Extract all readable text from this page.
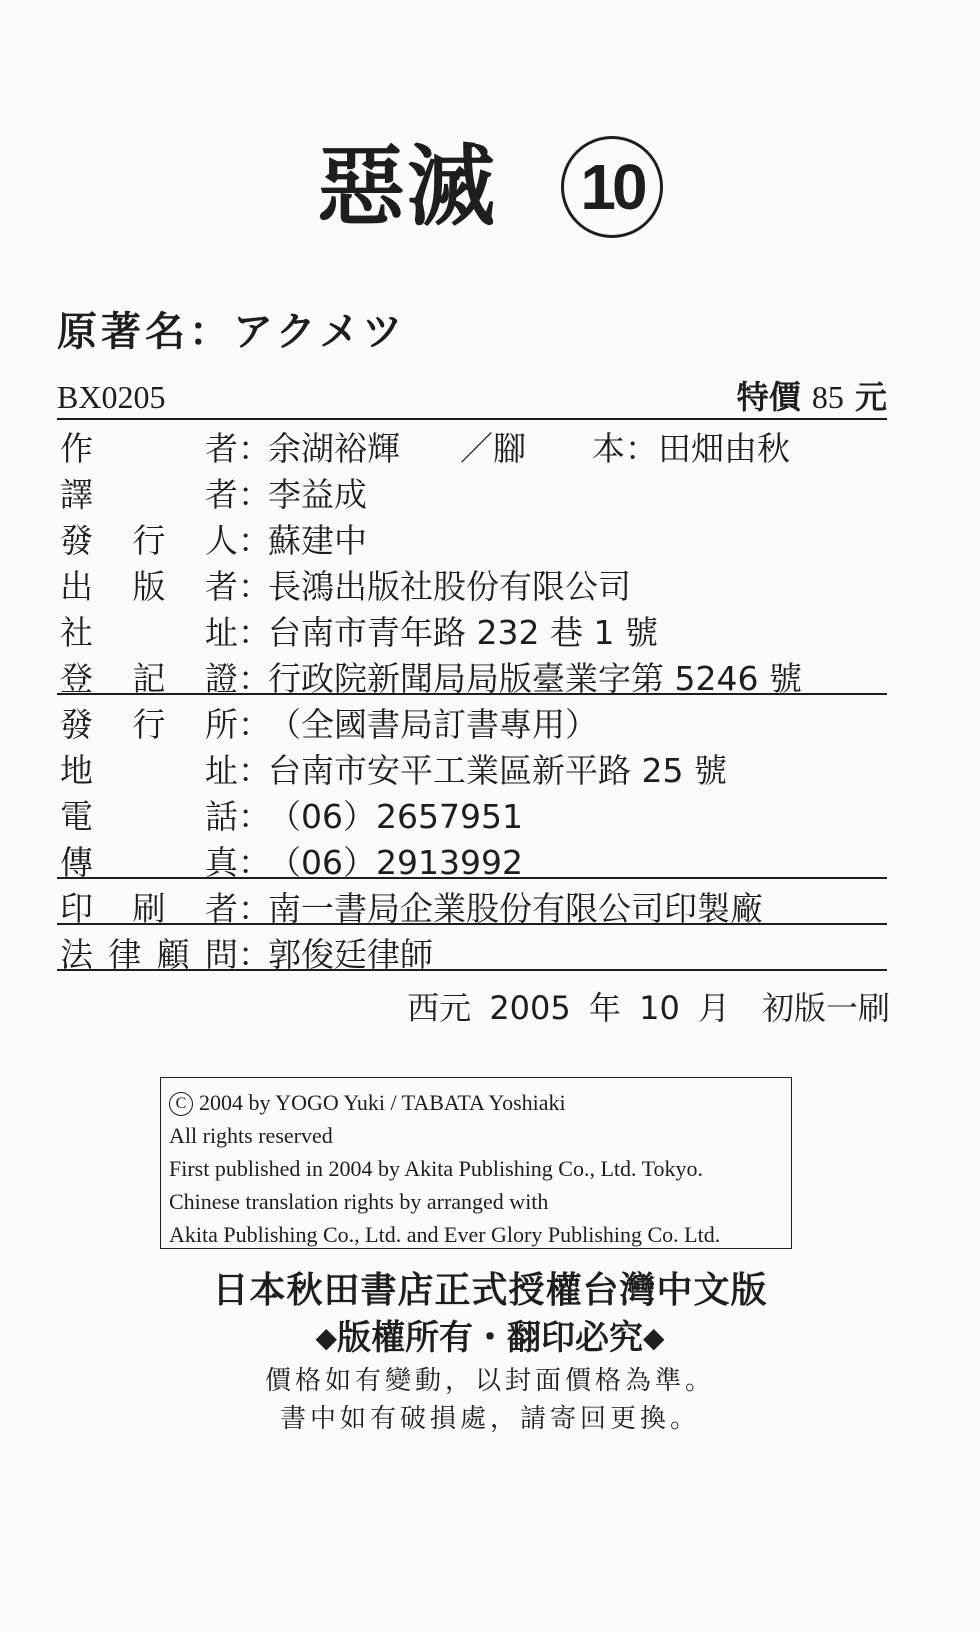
惡滅	10
原著名：アクメツ
BX0205	特價 85 元
作	者 ：
余湖裕輝 ／腳　　本： 田畑由秋
譯	者 ：
李益成
發 行 人 ：
蘇建中
出 版 者 ：
長鴻出版社股份有限公司
社	址 ：
台南市青年路 232 巷 1 號
登 記 證 ：
行政院新聞局局版臺業字第 5246 號
發 行 所 ：
（全國書局訂書專用）
地	址 ：
台南市安平工業區新平路 25 號
電	話 ：
（06）2657951
傳	真 ：
（06）2913992
印 刷 者 ：
南一書局企業股份有限公司印製廠
法 律 顧 問 ：
郭俊廷律師
西元 2005 年 10 月　初版一刷
C 2004 by YOGO Yuki / TABATA Yoshiaki
All rights reserved
First published in 2004 by Akita Publishing Co., Ltd. Tokyo.
Chinese translation rights by arranged with
Akita Publishing Co., Ltd. and Ever Glory Publishing Co. Ltd.
日本秋田書店正式授權台灣中文版
◆版權所有・翻印必究◆
價格如有變動，以封面價格為準。
書中如有破損處，請寄回更換。
